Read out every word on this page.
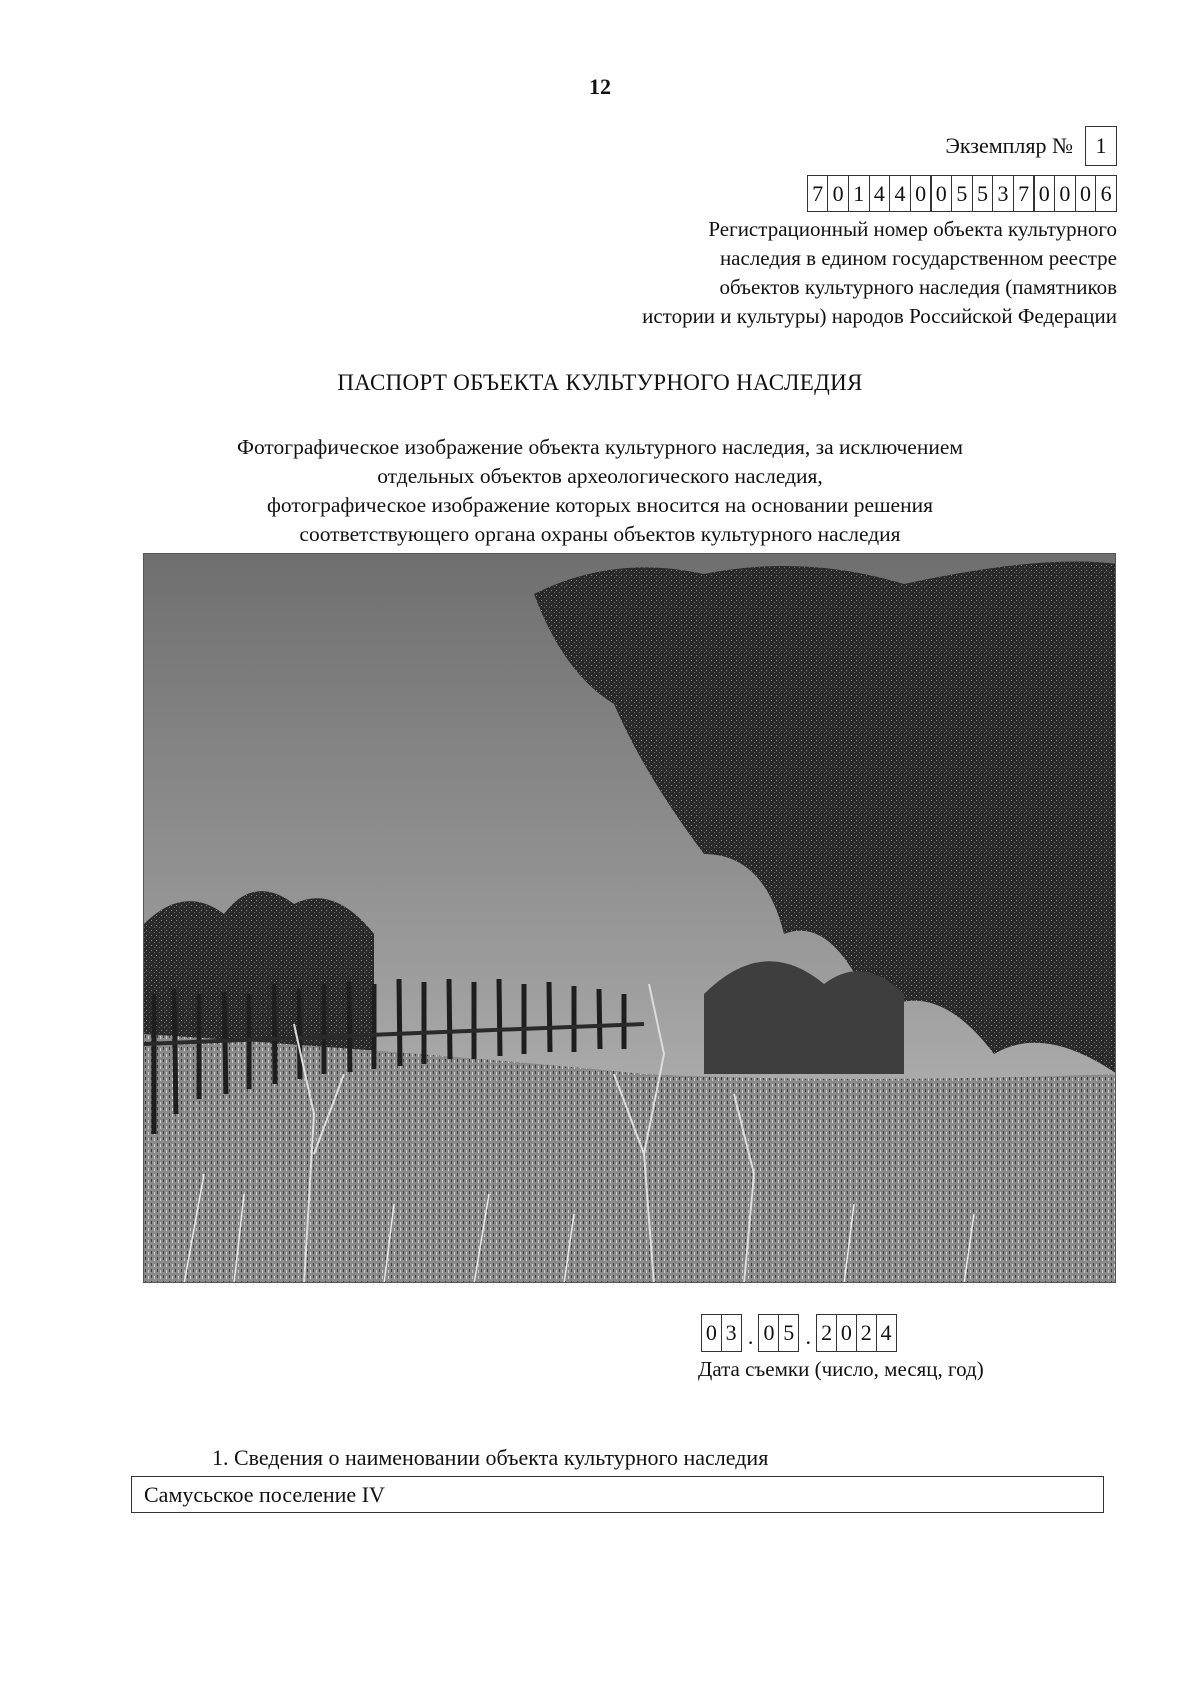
12
Экземпляр №	1
7 0 1 4 4 0 0 5 5 3 7 0 0 0 6
Регистрационный номер объекта культурного
наследия в едином государственном реестре
объектов культурного наследия (памятников
истории и культуры) народов Российской Федерации
ПАСПОРТ ОБЪЕКТА КУЛЬТУРНОГО НАСЛЕДИЯ
Фотографическое изображение объекта культурного наследия, за исключением
отдельных объектов археологического наследия,
фотографическое изображение которых вносится на основании решения
соответствующего органа охраны объектов культурного наследия
0 3 . 0 5 . 2 0 2 4
Дата съемки (число, месяц, год)
1. Сведения о наименовании объекта культурного наследия
Самусьское поселение IV
